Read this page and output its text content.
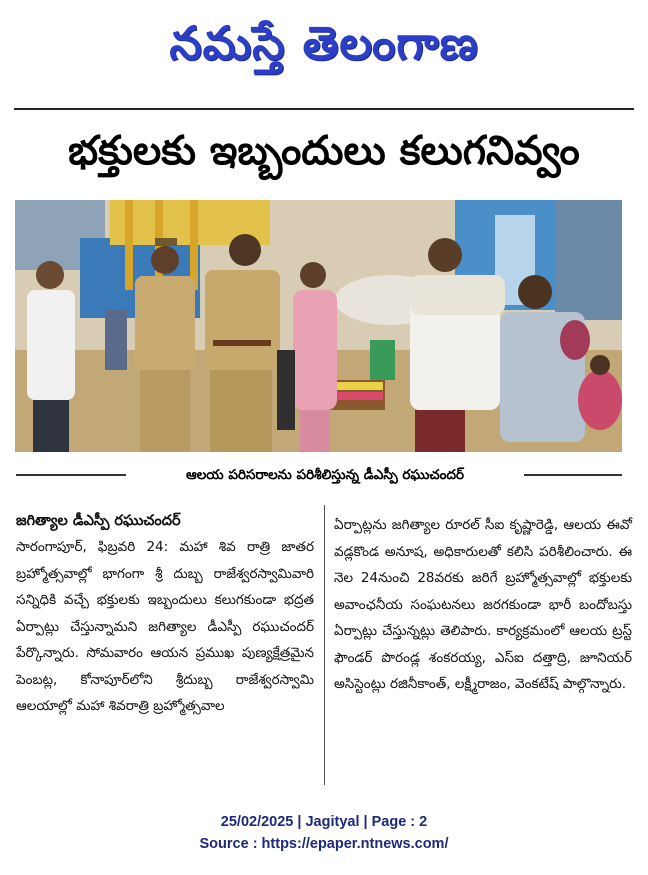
నమస్తే తెలంగాణ
భక్తులకు ఇబ్బందులు కలుగనివ్వం
ఆలయ పరిసరాలను పరిశీలిస్తున్న డీఎస్పీ రఘుచందర్
జగిత్యాల డీఎస్పీ రఘుచందర్
సారంగాపూర్, ఫిబ్రవరి 24: మహా శివ రాత్రి జాతర బ్రహ్మోత్సవాల్లో భాగంగా శ్రీ దుబ్బ రాజేశ్వరస్వామివారి సన్నిధికి వచ్చే భక్తులకు ఇబ్బందులు కలుగకుండా భద్రత ఏర్పాట్లు చేస్తున్నామని జగిత్యాల డీఎస్పీ రఘుచందర్ పేర్కొన్నారు. సోమవారం ఆయన ప్రముఖ పుణ్యక్షేత్రమైన పెంబట్ల, కోనాపూర్‌లోని శ్రీదుబ్బ రాజేశ్వరస్వామి ఆలయాల్లో మహా శివరాత్రి బ్రహ్మోత్సవాల
ఏర్పాట్లను జగిత్యాల రూరల్ సీఐ కృష్ణారెడ్డి, ఆలయ ఈవో వడ్లకొండ అనూష, అధికారులతో కలిసి పరిశీలించారు. ఈ నెల 24నుంచి 28వరకు జరిగే బ్రహ్మోత్సవాల్లో భక్తులకు అవాంఛనీయ సంఘటనలు జరగకుండా భారీ బందోబస్తు ఏర్పాట్లు చేస్తున్నట్లు తెలిపారు. కార్యక్రమంలో ఆలయ ట్రస్ట్ ఫౌండర్ పొరండ్ల శంకరయ్య, ఎస్ఐ దత్తాద్రి, జూనియర్ అసిస్టెంట్లు రజినీకాంత్, లక్ష్మీరాజం, వెంకటేష్ పాల్గొన్నారు.
25/02/2025 | Jagityal | Page : 2
Source : https://epaper.ntnews.com/
